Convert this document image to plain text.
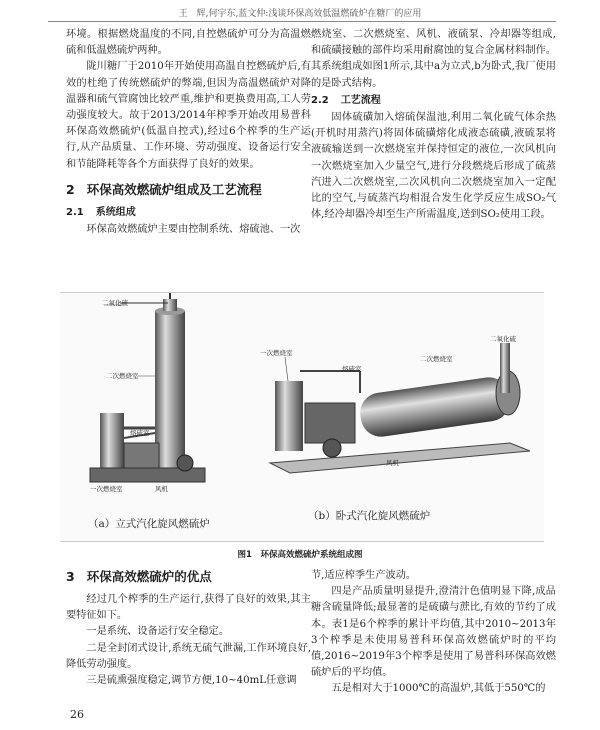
王　辉,何宇东,蓝文仲:浅谈环保高效低温燃硫炉在糖厂的应用

环境。根据燃烧温度的不同,自控燃硫炉可分为高温燃硫和低温燃硫炉两种。

陇川糖厂于2010年开始使用高温自控燃硫炉后,有效的杜绝了传统燃硫炉的弊端,但因为高温燃硫炉对降温器和硫气管腐蚀比较严重,维护和更换费用高,工人劳动强度较大。故于2013/2014年榨季开始改用易普科环保高效燃硫炉(低温自控式),经过6个榨季的生产运行,从产品质量、工作环境、劳动强度、设备运行安全和节能降耗等各个方面获得了良好的效果。

2 环保高效燃硫炉组成及工艺流程

2.1 系统组成

环保高效燃硫炉主要由控制系统、熔硫池、一次

燃烧室、二次燃烧室、风机、液硫泵、冷却器等组成,和硫磺接触的部件均采用耐腐蚀的复合金属材料制作。其系统组成如图1所示,其中a为立式,b为卧式,我厂使用的是卧式结构。

2.2 工艺流程

固体硫磺加入熔硫保温池,利用二氧化硫气体余热(开机时用蒸汽)将固体硫磺熔化成液态硫磺,液硫泵将液硫输送到一次燃烧室并保持恒定的液位,一次风机向一次燃烧室加入少量空气,进行分段燃烧后形成了硫蒸汽进入二次燃烧室,二次风机向二次燃烧室加入一定配比的空气,与硫蒸汽均相混合发生化学反应生成SO₂气体,经冷却器冷却至生产所需温度,送到SO₂使用工段。

二氧化硫
二次燃烧室
熔硫室
一次燃烧室	风机
一次燃烧室
熔硫室
二次燃烧室
二氧化硫
风机
（a）立式汽化旋风燃硫炉
（b）卧式汽化旋风燃硫炉
图1　环保高效燃硫炉系统组成图

3 环保高效燃硫炉的优点

经过几个榨季的生产运行,获得了良好的效果,其主要特征如下。

一是系统、设备运行安全稳定。

二是全封闭式设计,系统无硫气泄漏,工作环境良好,降低劳动强度。

三是硫熏强度稳定,调节方便,10~40mL任意调

节,适应榨季生产波动。

四是产品质量明显提升,澄清汁色值明显下降,成品糖含硫量降低;最显著的是硫磺与蔗比,有效的节约了成本。表1是6个榨季的累计平均值,其中2010~2013年3个榨季是未使用易普科环保高效燃硫炉时的平均值,2016~2019年3个榨季是使用了易普科环保高效燃硫炉后的平均值。

五是相对大于1000℃的高温炉,其低于550℃的

26
